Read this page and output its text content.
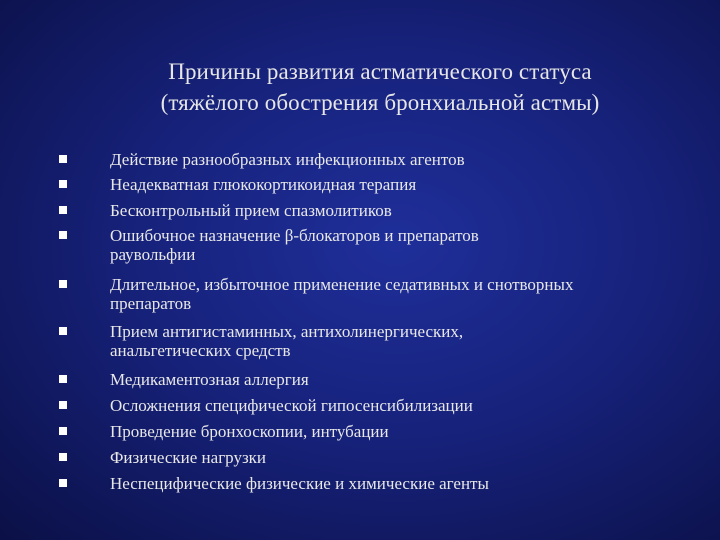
Причины развития астматического статуса
(тяжёлого обострения бронхиальной астмы)
Действие разнообразных инфекционных агентов
Неадекватная глюкокортикоидная терапия
Бесконтрольный прием спазмолитиков
Ошибочное назначение β-блокаторов и препаратов
раувольфии
Длительное, избыточное применение седативных и снотворных
препаратов
Прием антигистаминных, антихолинергических,
анальгетических средств
Медикаментозная аллергия
Осложнения специфической гипосенсибилизации
Проведение бронхоскопии, интубации
Физические нагрузки
Неспецифические физические и химические агенты
